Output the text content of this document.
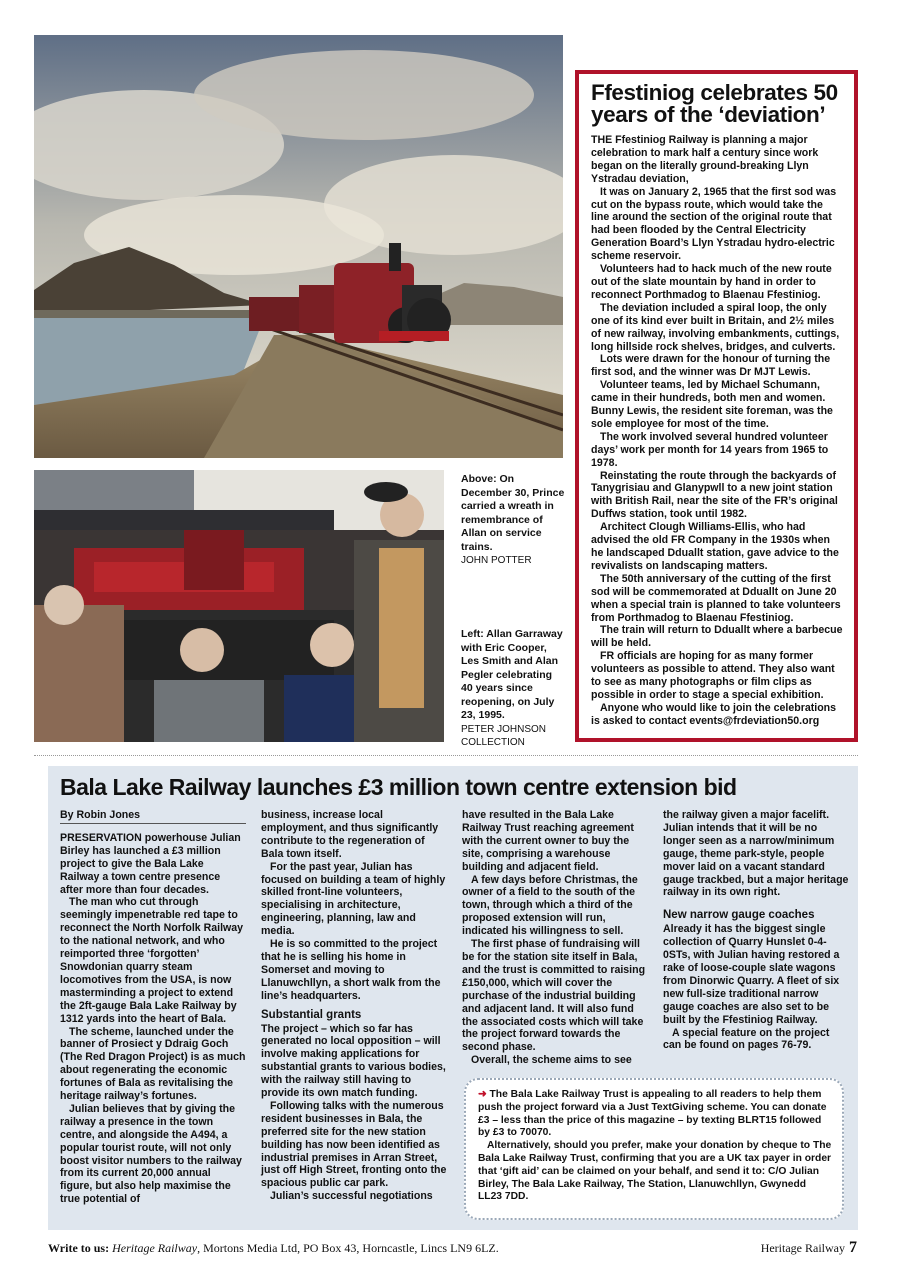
Above: On December 30, Prince carried a wreath in remembrance of Allan on service trains.
JOHN POTTER
Left: Allan Garraway with Eric Cooper, Les Smith and Alan Pegler celebrating 40 years since reopening, on July 23, 1995.
PETER JOHNSON COLLECTION
Ffestiniog celebrates 50 years of the ‘deviation’

THE Ffestiniog Railway is planning a major celebration to mark half a century since work began on the literally ground-breaking Llyn Ystradau deviation,

It was on January 2, 1965 that the first sod was cut on the bypass route, which would take the line around the section of the original route that had been flooded by the Central Electricity Generation Board’s Llyn Ystradau hydro-electric scheme reservoir.

Volunteers had to hack much of the new route out of the slate mountain by hand in order to reconnect Porthmadog to Blaenau Ffestiniog.

The deviation included a spiral loop, the only one of its kind ever built in Britain, and 2½ miles of new railway, involving embankments, cuttings, long hillside rock shelves, bridges, and culverts.

Lots were drawn for the honour of turning the first sod, and the winner was Dr MJT Lewis.

Volunteer teams, led by Michael Schumann, came in their hundreds, both men and women. Bunny Lewis, the resident site foreman, was the sole employee for most of the time.

The work involved several hundred volunteer days’ work per month for 14 years from 1965 to 1978.

Reinstating the route through the backyards of Tanygrisiau and Glanypwll to a new joint station with British Rail, near the site of the FR’s original Duffws station, took until 1982.

Architect Clough Williams-Ellis, who had advised the old FR Company in the 1930s when he landscaped Dduallt station, gave advice to the revivalists on landscaping matters.

The 50th anniversary of the cutting of the first sod will be commemorated at Dduallt on June 20 when a special train is planned to take volunteers from Porthmadog to Blaenau Ffestiniog.

The train will return to Dduallt where a barbecue will be held.

FR officials are hoping for as many former volunteers as possible to attend. They also want to see as many photographs or film clips as possible in order to stage a special exhibition.

Anyone who would like to join the celebrations is asked to contact events@frdeviation50.org

Bala Lake Railway launches £3 million town centre extension bid
By Robin Jones

PRESERVATION powerhouse Julian Birley has launched a £3 million project to give the Bala Lake Railway a town centre presence after more than four decades.

The man who cut through seemingly impenetrable red tape to reconnect the North Norfolk Railway to the national network, and who reimported three ‘forgotten’ Snowdonian quarry steam locomotives from the USA, is now masterminding a project to extend the 2ft-gauge Bala Lake Railway by 1312 yards into the heart of Bala.

The scheme, launched under the banner of Prosiect y Ddraig Goch (The Red Dragon Project) is as much about regenerating the economic fortunes of Bala as revitalising the heritage railway’s fortunes.

Julian believes that by giving the railway a presence in the town centre, and alongside the A494, a popular tourist route, will not only boost visitor numbers to the railway from its current 20,000 annual figure, but also help maximise the true potential of

business, increase local employment, and thus significantly contribute to the regeneration of Bala town itself.

For the past year, Julian has focused on building a team of highly skilled front-line volunteers, specialising in architecture, engineering, planning, law and media.

He is so committed to the project that he is selling his home in Somerset and moving to Llanuwchllyn, a short walk from the line’s headquarters.

Substantial grants

The project – which so far has generated no local opposition – will involve making applications for substantial grants to various bodies, with the railway still having to provide its own match funding.

Following talks with the numerous resident businesses in Bala, the preferred site for the new station building has now been identified as industrial premises in Arran Street, just off High Street, fronting onto the spacious public car park.

Julian’s successful negotiations

have resulted in the Bala Lake Railway Trust reaching agreement with the current owner to buy the site, comprising a warehouse building and adjacent field.

A few days before Christmas, the owner of a field to the south of the town, through which a third of the proposed extension will run, indicated his willingness to sell.

The first phase of fundraising will be for the station site itself in Bala, and the trust is committed to raising £150,000, which will cover the purchase of the industrial building and adjacent land. It will also fund the associated costs which will take the project forward towards the second phase.

Overall, the scheme aims to see

the railway given a major facelift. Julian intends that it will be no longer seen as a narrow/minimum gauge, theme park-style, people mover laid on a vacant standard gauge trackbed, but a major heritage railway in its own right.

New narrow gauge coaches

Already it has the biggest single collection of Quarry Hunslet 0-4-0STs, with Julian having restored a rake of loose-couple slate wagons from Dinorwic Quarry. A fleet of six new full-size traditional narrow gauge coaches are also set to be built by the Ffestiniog Railway.

A special feature on the project can be found on pages 76-79.

➜ The Bala Lake Railway Trust is appealing to all readers to help them push the project forward via a Just TextGiving scheme. You can donate £3 – less than the price of this magazine – by texting BLRT15 followed by £3 to 70070.

Alternatively, should you prefer, make your donation by cheque to The Bala Lake Railway Trust, confirming that you are a UK tax payer in order that ‘gift aid’ can be claimed on your behalf, and send it to: C/O Julian Birley, The Bala Lake Railway, The Station, Llanuwchllyn, Gwynedd LL23 7DD.

Write to us: Heritage Railway, Mortons Media Ltd, PO Box 43, Horncastle, Lincs LN9 6LZ.	Heritage Railway 7
